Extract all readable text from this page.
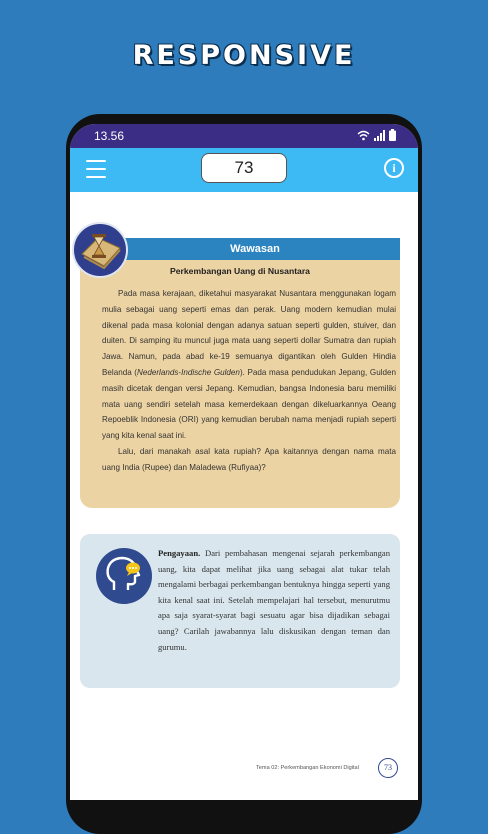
RESPONSIVE
13.56
73	i
Wawasan
Perkembangan Uang di Nusantara

Pada masa kerajaan, diketahui masyarakat Nusantara menggunakan logam mulia sebagai uang seperti emas dan perak. Uang modern kemudian mulai dikenal pada masa kolonial dengan adanya satuan seperti gulden, stuiver, dan duiten. Di samping itu muncul juga mata uang seperti dollar Sumatra dan rupiah Jawa. Namun, pada abad ke-19 semuanya digantikan oleh Gulden Hindia Belanda (Nederlands-Indische Gulden). Pada masa pendudukan Jepang, Gulden masih dicetak dengan versi Jepang. Kemudian, bangsa Indonesia baru memiliki mata uang sendiri setelah masa kemerdekaan dengan dikeluarkannya Oeang Repoeblik Indonesia (ORI) yang kemudian berubah nama menjadi rupiah seperti yang kita kenal saat ini.

Lalu, dari manakah asal kata rupiah? Apa kaitannya dengan nama mata uang India (Rupee) dan Maladewa (Rufiyaa)?

Pengayaan. Dari pembahasan mengenai sejarah perkembangan uang, kita dapat melihat jika uang sebagai alat tukar telah mengalami berbagai perkembangan bentuknya hingga seperti yang kita kenal saat ini. Setelah mempelajari hal tersebut, menurutmu apa saja syarat-syarat bagi sesuatu agar bisa dijadikan sebagai uang? Carilah jawabannya lalu diskusikan dengan teman dan gurumu.
Tema 02: Perkembangan Ekonomi Digital	73
